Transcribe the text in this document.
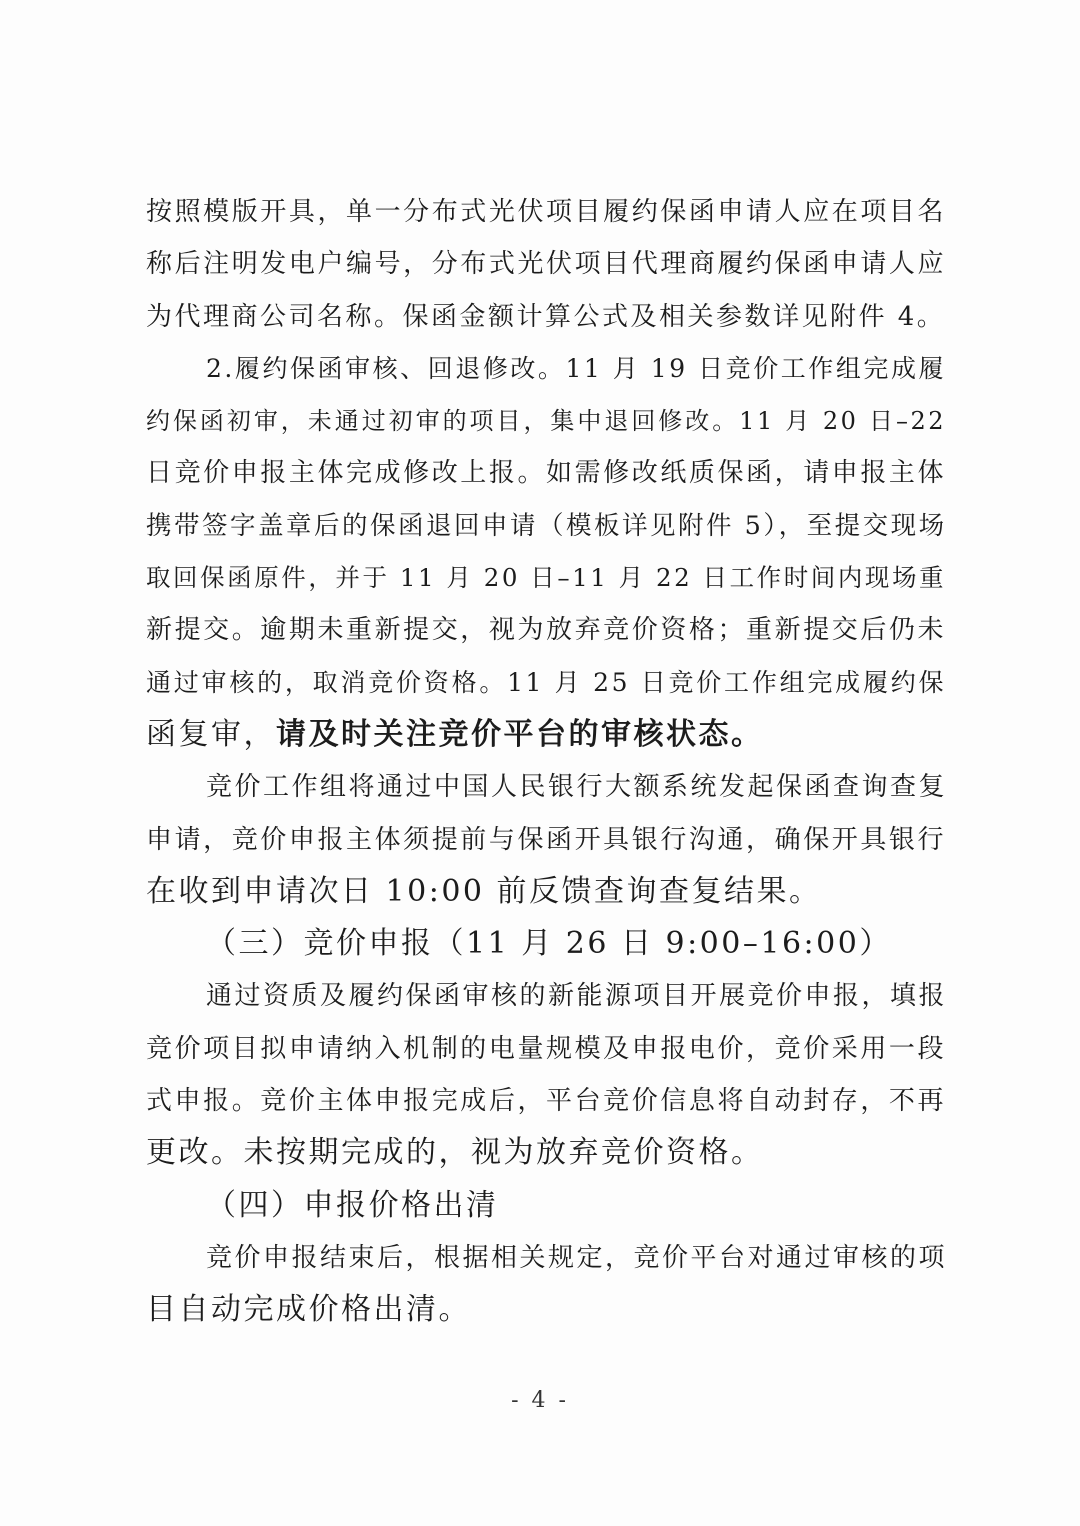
按照模版开具，单一分布式光伏项目履约保函申请人应在项目名
称后注明发电户编号，分布式光伏项目代理商履约保函申请人应
为代理商公司名称。保函金额计算公式及相关参数详见附件 4。
2.履约保函审核、回退修改。11 月 19 日竞价工作组完成履
约保函初审，未通过初审的项目，集中退回修改。11 月 20 日–22
日竞价申报主体完成修改上报。如需修改纸质保函，请申报主体
携带签字盖章后的保函退回申请（模板详见附件 5），至提交现场
取回保函原件，并于 11 月 20 日–11 月 22 日工作时间内现场重
新提交。逾期未重新提交，视为放弃竞价资格；重新提交后仍未
通过审核的，取消竞价资格。11 月 25 日竞价工作组完成履约保
函复审，请及时关注竞价平台的审核状态。
竞价工作组将通过中国人民银行大额系统发起保函查询查复
申请，竞价申报主体须提前与保函开具银行沟通，确保开具银行
在收到申请次日 10:00 前反馈查询查复结果。
（三）竞价申报（11 月 26 日 9:00–16:00）
通过资质及履约保函审核的新能源项目开展竞价申报，填报
竞价项目拟申请纳入机制的电量规模及申报电价，竞价采用一段
式申报。竞价主体申报完成后，平台竞价信息将自动封存，不再
更改。未按期完成的，视为放弃竞价资格。
（四）申报价格出清
竞价申报结束后，根据相关规定，竞价平台对通过审核的项
目自动完成价格出清。
- 4 -
